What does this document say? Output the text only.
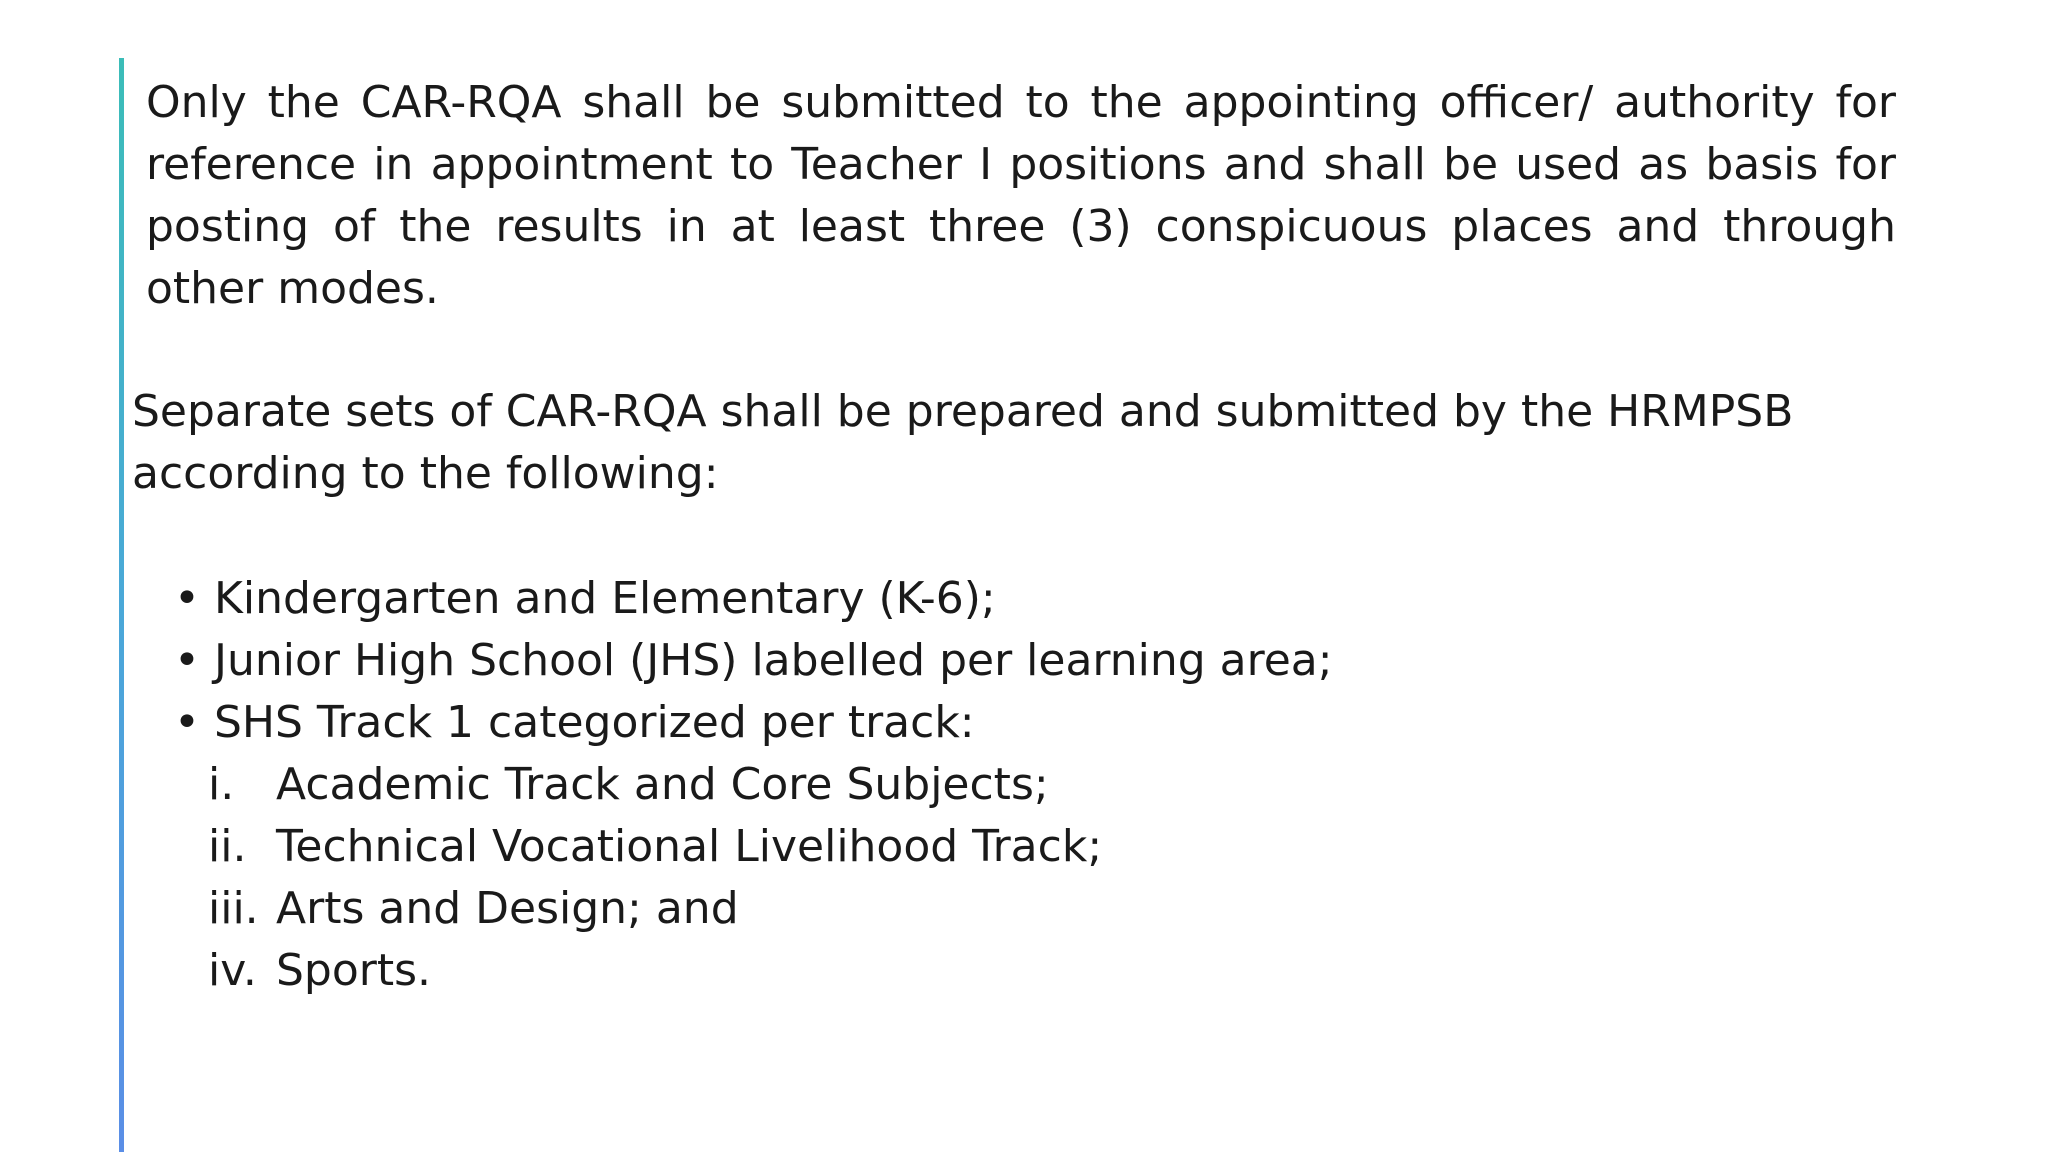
Only the CAR-RQA shall be submitted to the appointing officer/ authority for reference in appointment to Teacher I positions and shall be used as basis for posting of the results in at least three (3) conspicuous places and through other modes.

Separate sets of CAR-RQA shall be prepared and submitted by the HRMPSB according to the following:

• Kindergarten and Elementary (K-6);
• Junior High School (JHS) labelled per learning area;
• SHS Track 1 categorized per track:
i. Academic Track and Core Subjects;
ii. Technical Vocational Livelihood Track;
iii. Arts and Design; and
iv. Sports.
